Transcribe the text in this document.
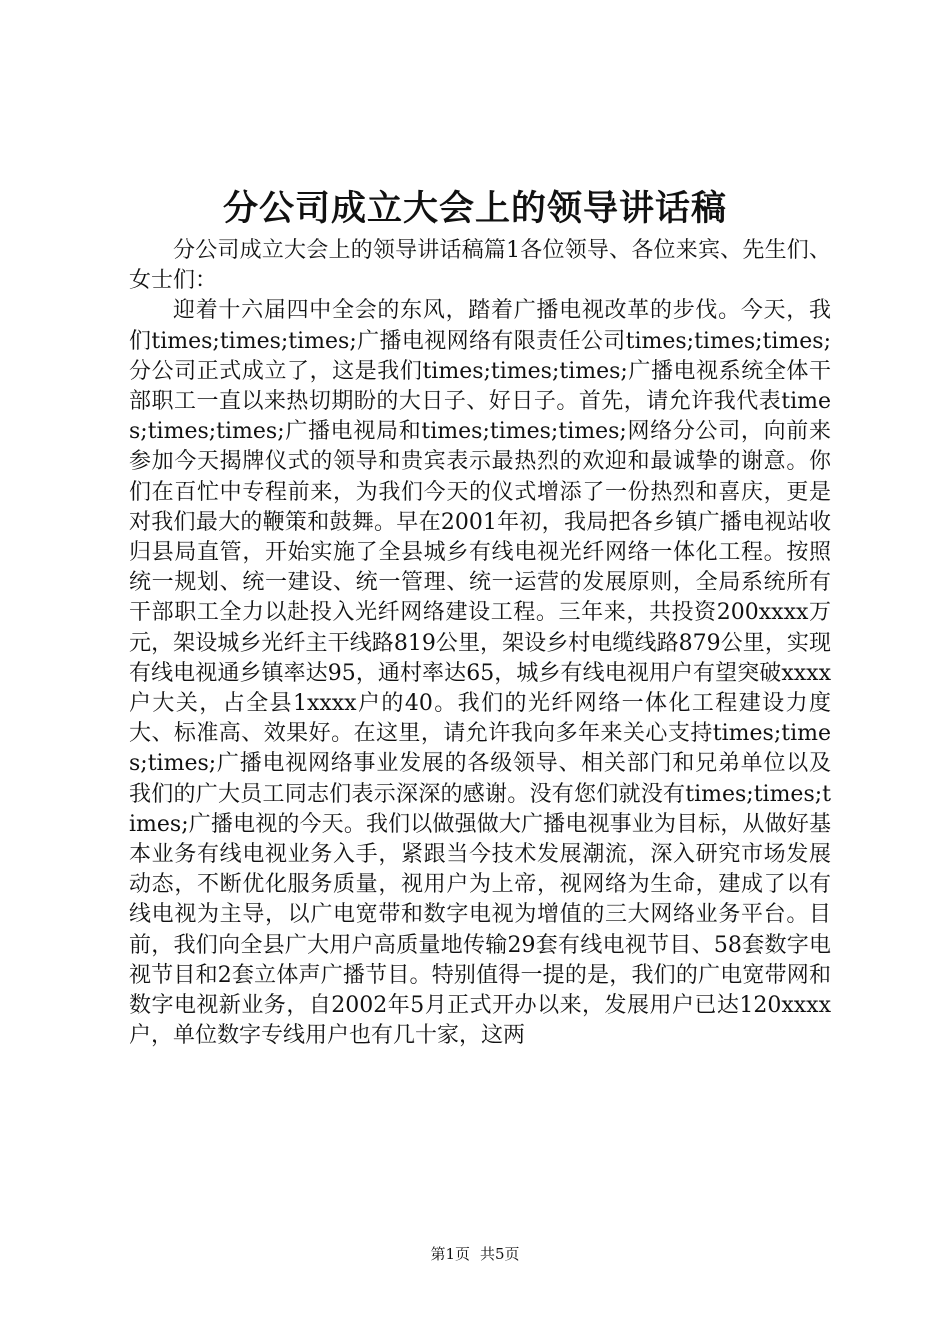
分公司成立大会上的领导讲话稿

分公司成立大会上的领导讲话稿篇1各位领导、各位来宾、先生们、女士们：

迎着十六届四中全会的东风，踏着广播电视改革的步伐。今天，我们times;times;times;广播电视网络有限责任公司times;times;times;分公司正式成立了，这是我们times;times;times;广播电视系统全体干部职工一直以来热切期盼的大日子、好日子。首先，请允许我代表times;times;times;广播电视局和times;times;times;网络分公司，向前来参加今天揭牌仪式的领导和贵宾表示最热烈的欢迎和最诚挚的谢意。你们在百忙中专程前来，为我们今天的仪式增添了一份热烈和喜庆，更是对我们最大的鞭策和鼓舞。早在2001年初，我局把各乡镇广播电视站收归县局直管，开始实施了全县城乡有线电视光纤网络一体化工程。按照统一规划、统一建设、统一管理、统一运营的发展原则，全局系统所有干部职工全力以赴投入光纤网络建设工程。三年来，共投资200xxxx万元，架设城乡光纤主干线路819公里，架设乡村电缆线路879公里，实现有线电视通乡镇率达95，通村率达65，城乡有线电视用户有望突破xxxx户大关，占全县1xxxx户的40。我们的光纤网络一体化工程建设力度大、标准高、效果好。在这里，请允许我向多年来关心支持times;times;times;广播电视网络事业发展的各级领导、相关部门和兄弟单位以及我们的广大员工同志们表示深深的感谢。没有您们就没有times;times;times;广播电视的今天。我们以做强做大广播电视事业为目标，从做好基本业务有线电视业务入手，紧跟当今技术发展潮流，深入研究市场发展动态，不断优化服务质量，视用户为上帝，视网络为生命，建成了以有线电视为主导，以广电宽带和数字电视为增值的三大网络业务平台。目前，我们向全县广大用户高质量地传输29套有线电视节目、58套数字电视节目和2套立体声广播节目。特别值得一提的是，我们的广电宽带网和数字电视新业务，自2002年5月正式开办以来，发展用户已达120xxxx户，单位数字专线用户也有几十家，这两

第1页 共5页
